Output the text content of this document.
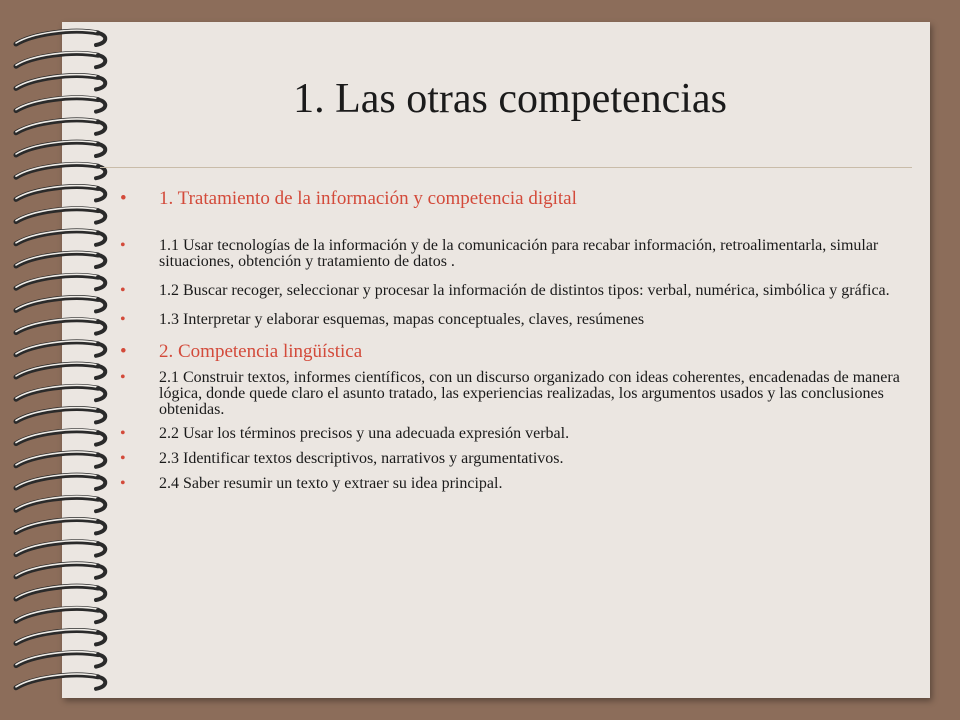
1. Las otras competencias
• 1. Tratamiento de la información y competencia digital
• 1.1 Usar tecnologías de la información y de la comunicación para recabar información, retroalimentarla, simular situaciones, obtención y tratamiento de datos .
• 1.2 Buscar recoger, seleccionar y procesar la información de distintos tipos: verbal, numérica, simbólica y gráfica.
• 1.3 Interpretar y elaborar esquemas, mapas conceptuales, claves, resúmenes
• 2. Competencia lingüística
• 2.1 Construir textos, informes científicos, con un discurso organizado con ideas coherentes, encadenadas de manera lógica, donde quede claro el asunto tratado, las experiencias realizadas, los argumentos usados y las conclusiones obtenidas.
• 2.2 Usar los términos precisos y una adecuada expresión verbal.
• 2.3 Identificar textos descriptivos, narrativos y argumentativos.
• 2.4 Saber resumir un texto y extraer su idea principal.
